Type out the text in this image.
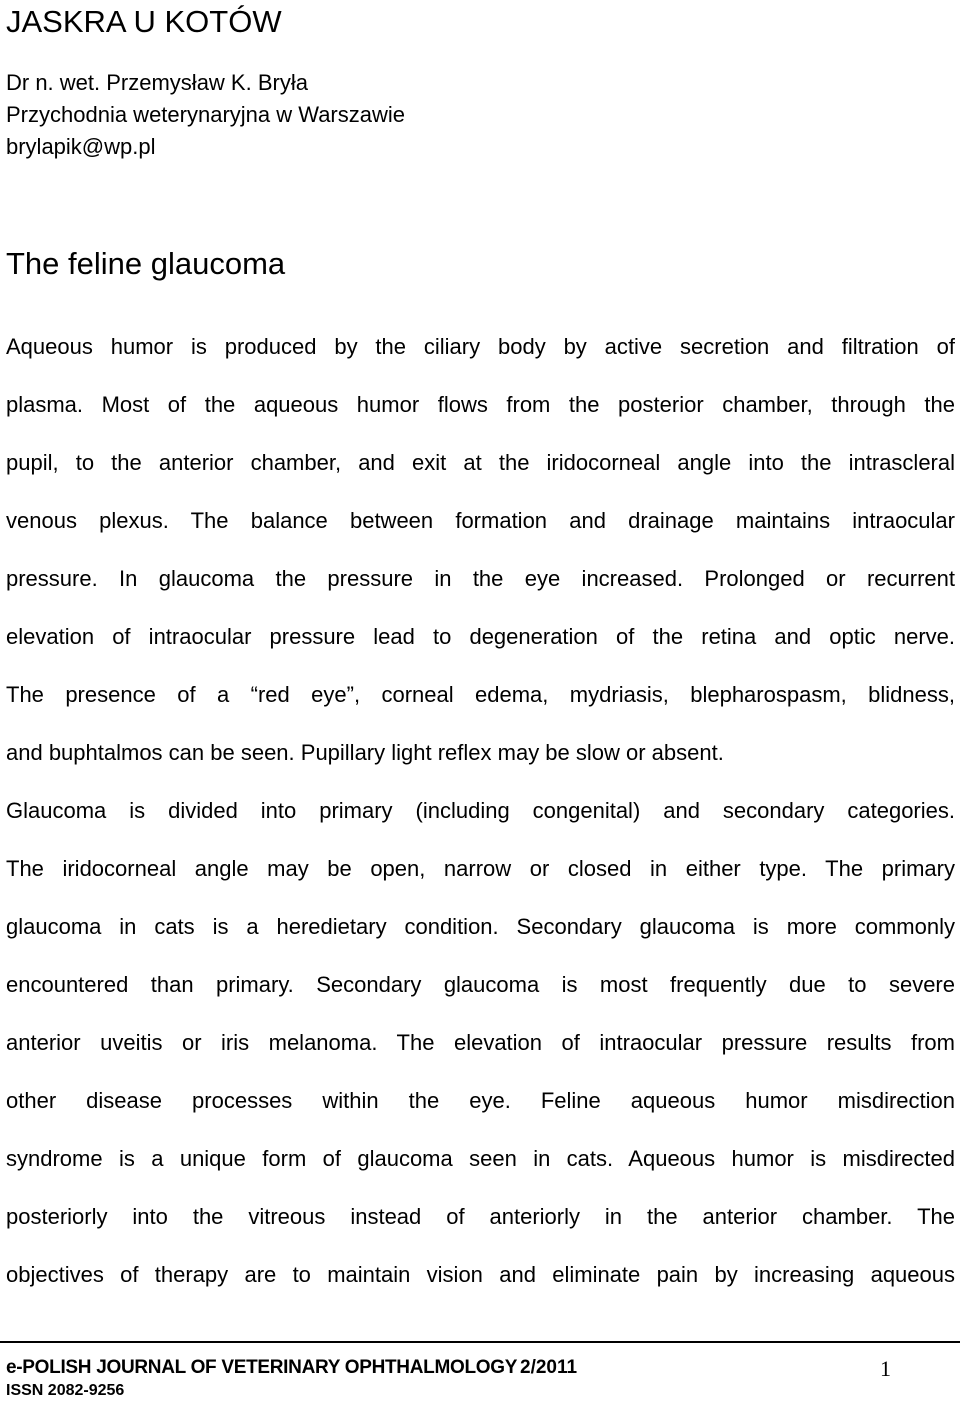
JASKRA U KOTÓW
Dr n. wet. Przemysław K. Bryła
Przychodnia weterynaryjna w Warszawie
brylapik@wp.pl
The feline glaucoma
Aqueous humor is produced by the ciliary body by active secretion and filtration of
plasma. Most of the aqueous humor flows from the posterior chamber, through the
pupil, to the anterior chamber, and exit at the iridocorneal angle into the intrascleral
venous plexus. The balance between formation and drainage maintains intraocular
pressure. In glaucoma the pressure in the eye increased. Prolonged or recurrent
elevation of intraocular pressure lead to degeneration of the retina and optic nerve.
The presence of a “red eye”, corneal edema, mydriasis, blepharospasm, blidness,
and buphtalmos can be seen. Pupillary light reflex may be slow or absent.
Glaucoma is divided into primary (including congenital) and secondary categories.
The iridocorneal angle may be open, narrow or closed in either type. The primary
glaucoma in cats is a heredietary condition. Secondary glaucoma is more commonly
encountered than primary. Secondary glaucoma is most frequently due to severe
anterior uveitis or iris melanoma. The elevation of intraocular pressure results from
other disease processes within the eye. Feline aqueous humor misdirection
syndrome is a unique form of glaucoma seen in cats. Aqueous humor is misdirected
posteriorly into the vitreous instead of anteriorly in the anterior chamber. The
objectives of therapy are to maintain vision and eliminate pain by increasing aqueous
e-POLISH JOURNAL OF VETERINARY OPHTHALMOLOGY 2/2011	1
ISSN 2082-9256
